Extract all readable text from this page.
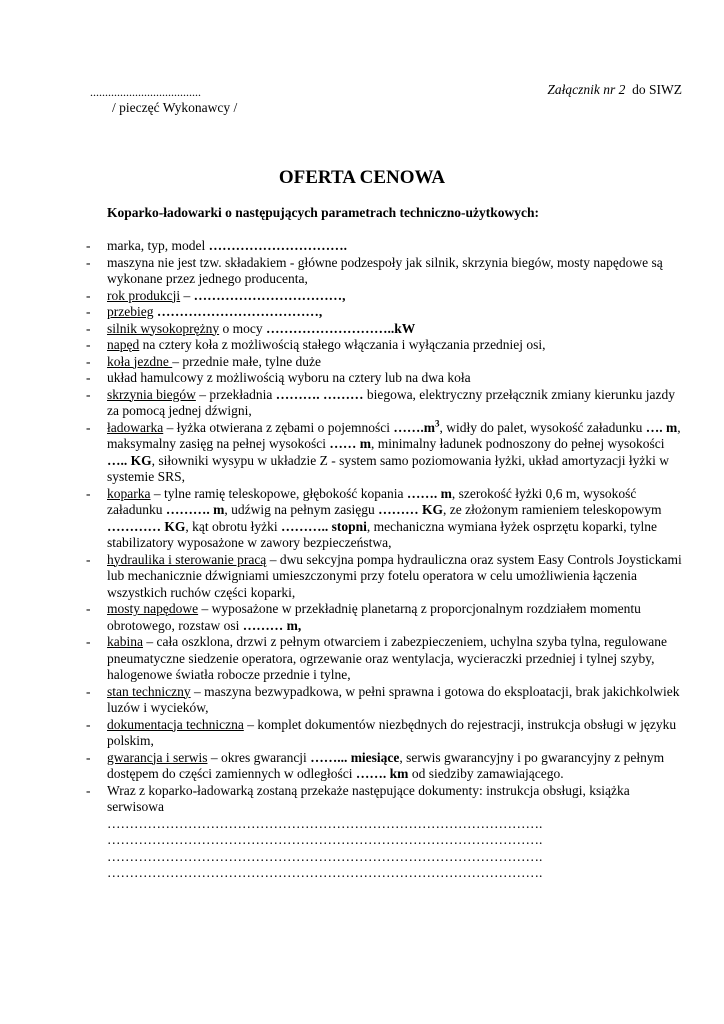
.....................................
/ pieczęć Wykonawcy /
Załącznik nr 2 do SIWZ
OFERTA CENOWA
Koparko-ładowarki o następujących parametrach techniczno-użytkowych:
- marka, typ, model ………………………….
- maszyna nie jest tzw. składakiem - główne podzespoły jak silnik, skrzynia biegów, mosty napędowe są wykonane przez jednego producenta,
- rok produkcji – ……………………………,
- przebieg ………………………………,
- silnik wysokoprężny o mocy ………………………..kW
- napęd na cztery koła z możliwością stałego włączania i wyłączania przedniej osi,
- koła jezdne – przednie małe, tylne duże
- układ hamulcowy z możliwością wyboru na cztery lub na dwa koła
- skrzynia biegów – przekładnia ………. ……… biegowa, elektryczny przełącznik zmiany kierunku jazdy za pomocą jednej dźwigni,
- ładowarka – łyżka otwierana z zębami o pojemności $\dots\dots.m^3$, widły do palet, wysokość załadunku …. m, maksymalny zasięg na pełnej wysokości …… m, minimalny ładunek podnoszony do pełnej wysokości ….. KG, siłowniki wysypu w układzie Z - system samo poziomowania łyżki, układ amortyzacji łyżki w systemie SRS,
- koparka – tylne ramię teleskopowe, głębokość kopania ……. m, szerokość łyżki 0,6 m, wysokość załadunku ………. m, udźwig na pełnym zasięgu ……… KG, ze złożonym ramieniem teleskopowym ………… KG, kąt obrotu łyżki ……….. stopni, mechaniczna wymiana łyżek osprzętu koparki, tylne stabilizatory wyposażone w zawory bezpieczeństwa,
- hydraulika i sterowanie pracą – dwu sekcyjna pompa hydrauliczna oraz system Easy Controls Joystickami lub mechanicznie dźwigniami umieszczonymi przy fotelu operatora w celu umożliwienia łączenia wszystkich ruchów części koparki,
- mosty napędowe – wyposażone w przekładnię planetarną z proporcjonalnym rozdziałem momentu obrotowego, rozstaw osi ……… m,
- kabina – cała oszklona, drzwi z pełnym otwarciem i zabezpieczeniem, uchylna szyba tylna, regulowane pneumatyczne siedzenie operatora, ogrzewanie oraz wentylacja, wycieraczki przedniej i tylnej szyby, halogenowe światła robocze przednie i tylne,
- stan techniczny – maszyna bezwypadkowa, w pełni sprawna i gotowa do eksploatacji, brak jakichkolwiek luzów i wycieków,
- dokumentacja techniczna – komplet dokumentów niezbędnych do rejestracji, instrukcja obsługi w języku polskim,
- gwarancja i serwis – okres gwarancji ……... miesiące, serwis gwarancyjny i po gwarancyjny z pełnym dostępem do części zamiennych w odległości ……. km od siedziby zamawiającego.
- Wraz z koparko-ładowarką zostaną przekaże następujące dokumenty: instrukcja obsługi, książka serwisowa
…………………………………………………………………………………….
…………………………………………………………………………………….
…………………………………………………………………………………….
…………………………………………………………………………………….
